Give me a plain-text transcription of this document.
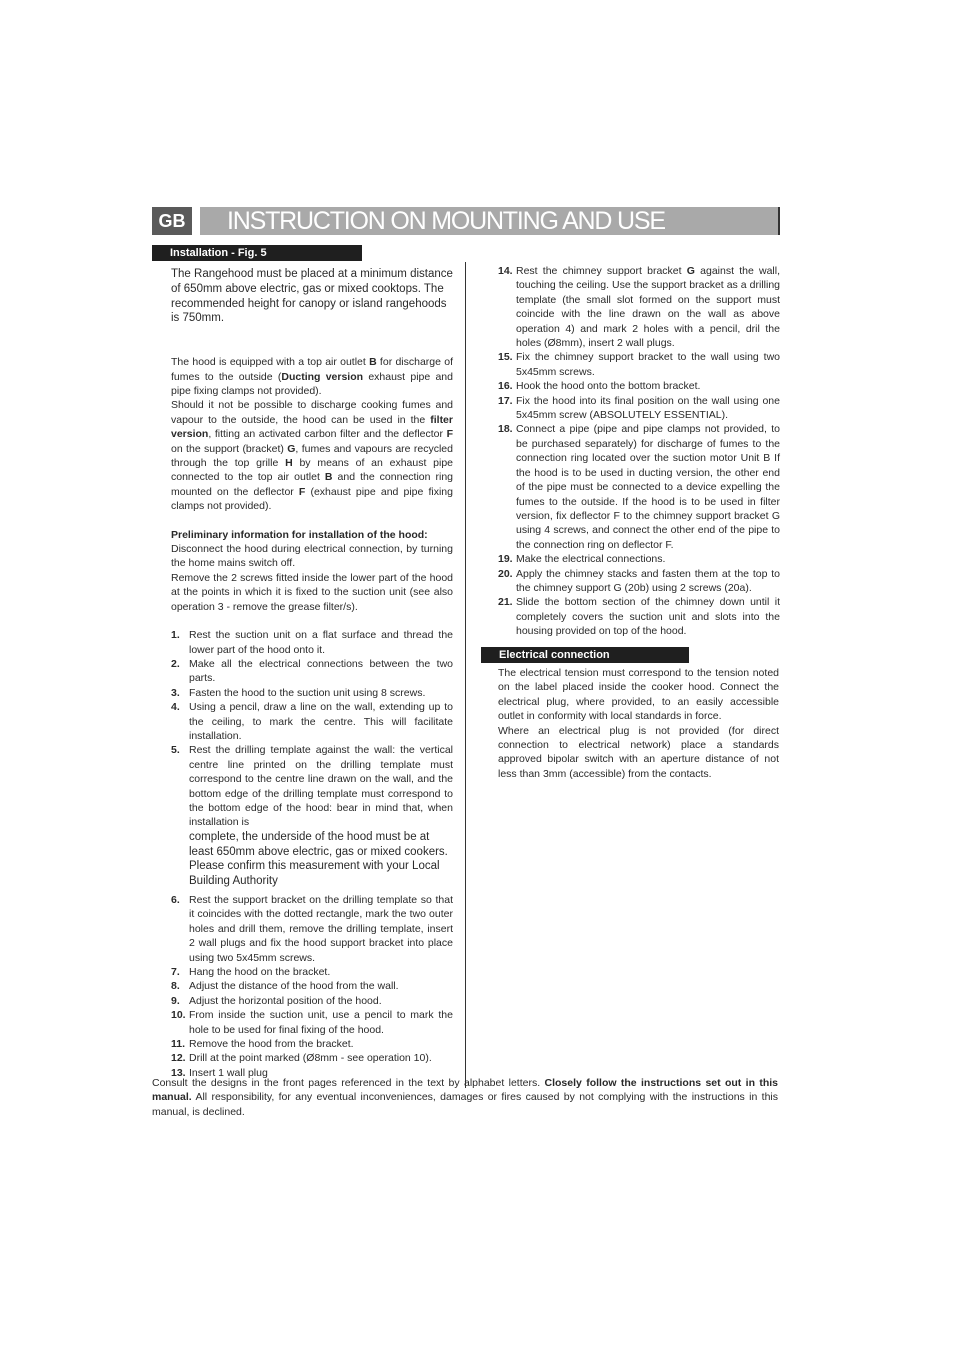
GB INSTRUCTION ON MOUNTING AND USE
Installation - Fig. 5

The Rangehood must be placed at a minimum distance of 650mm above electric, gas or mixed cooktops. The recommended height for canopy or island rangehoods is 750mm.

The hood is equipped with a top air outlet B for discharge of fumes to the outside (Ducting version exhaust pipe and pipe fixing clamps not provided).

Should it not be possible to discharge cooking fumes and vapour to the outside, the hood can be used in the filter version, fitting an activated carbon filter and the deflector F on the support (bracket) G, fumes and vapours are recycled through the top grille H by means of an exhaust pipe connected to the top air outlet B and the connection ring mounted on the deflector F (exhaust pipe and pipe fixing clamps not provided).

Preliminary information for installation of the hood:

Disconnect the hood during electrical connection, by turning the home mains switch off.

Remove the 2 screws fitted inside the lower part of the hood at the points in which it is fixed to the suction unit (see also operation 3 - remove the grease filter/s).

1. Rest the suction unit on a flat surface and thread the lower part of the hood onto it.
2. Make all the electrical connections between the two parts.
3. Fasten the hood to the suction unit using 8 screws.
4. Using a pencil, draw a line on the wall, extending up to the ceiling, to mark the centre. This will facilitate installation.
5. Rest the drilling template against the wall: the vertical centre line printed on the drilling template must correspond to the centre line drawn on the wall, and the bottom edge of the drilling template must correspond to the bottom edge of the hood: bear in mind that, when installation is
complete, the underside of the hood must be at least 650mm above electric, gas or mixed cookers. Please confirm this measurement with your Local Building Authority
6. Rest the support bracket on the drilling template so that it coincides with the dotted rectangle, mark the two outer holes and drill them, remove the drilling template, insert 2 wall plugs and fix the hood support bracket into place using two 5x45mm screws.
7. Hang the hood on the bracket.
8. Adjust the distance of the hood from the wall.
9. Adjust the horizontal position of the hood.
10. From inside the suction unit, use a pencil to mark the hole to be used for final fixing of the hood.
11. Remove the hood from the bracket.
12. Drill at the point marked (Ø8mm - see operation 10).
13. Insert 1 wall plug
14. Rest the chimney support bracket G against the wall, touching the ceiling. Use the support bracket as a drilling template (the small slot formed on the support must coincide with the line drawn on the wall as above operation 4) and mark 2 holes with a pencil, dril the holes (Ø8mm), insert 2 wall plugs.
15. Fix the chimney support bracket to the wall using two 5x45mm screws.
16. Hook the hood onto the bottom bracket.
17. Fix the hood into its final position on the wall using one 5x45mm screw (ABSOLUTELY ESSENTIAL).
18. Connect a pipe (pipe and pipe clamps not provided, to be purchased separately) for discharge of fumes to the connection ring located over the suction motor Unit B If the hood is to be used in ducting version, the other end of the pipe must be connected to a device expelling the fumes to the outside. If the hood is to be used in filter version, fix deflector F to the chimney support bracket G using 4 screws, and connect the other end of the pipe to the connection ring on deflector F.
19. Make the electrical connections.
20. Apply the chimney stacks and fasten them at the top to the chimney support G (20b) using 2 screws (20a).
21. Slide the bottom section of the chimney down until it completely covers the suction unit and slots into the housing provided on top of the hood.
Electrical connection

The electrical tension must correspond to the tension noted on the label placed inside the cooker hood. Connect the electrical plug, where provided, to an easily accessible outlet in conformity with local standards in force.

Where an electrical plug is not provided (for direct connection to electrical network) place a standards approved bipolar switch with an aperture distance of not less than 3mm (accessible) from the contacts.

Consult the designs in the front pages referenced in the text by alphabet letters. Closely follow the instructions set out in this manual. All responsibility, for any eventual inconveniences, damages or fires caused by not complying with the instructions in this manual, is declined.
